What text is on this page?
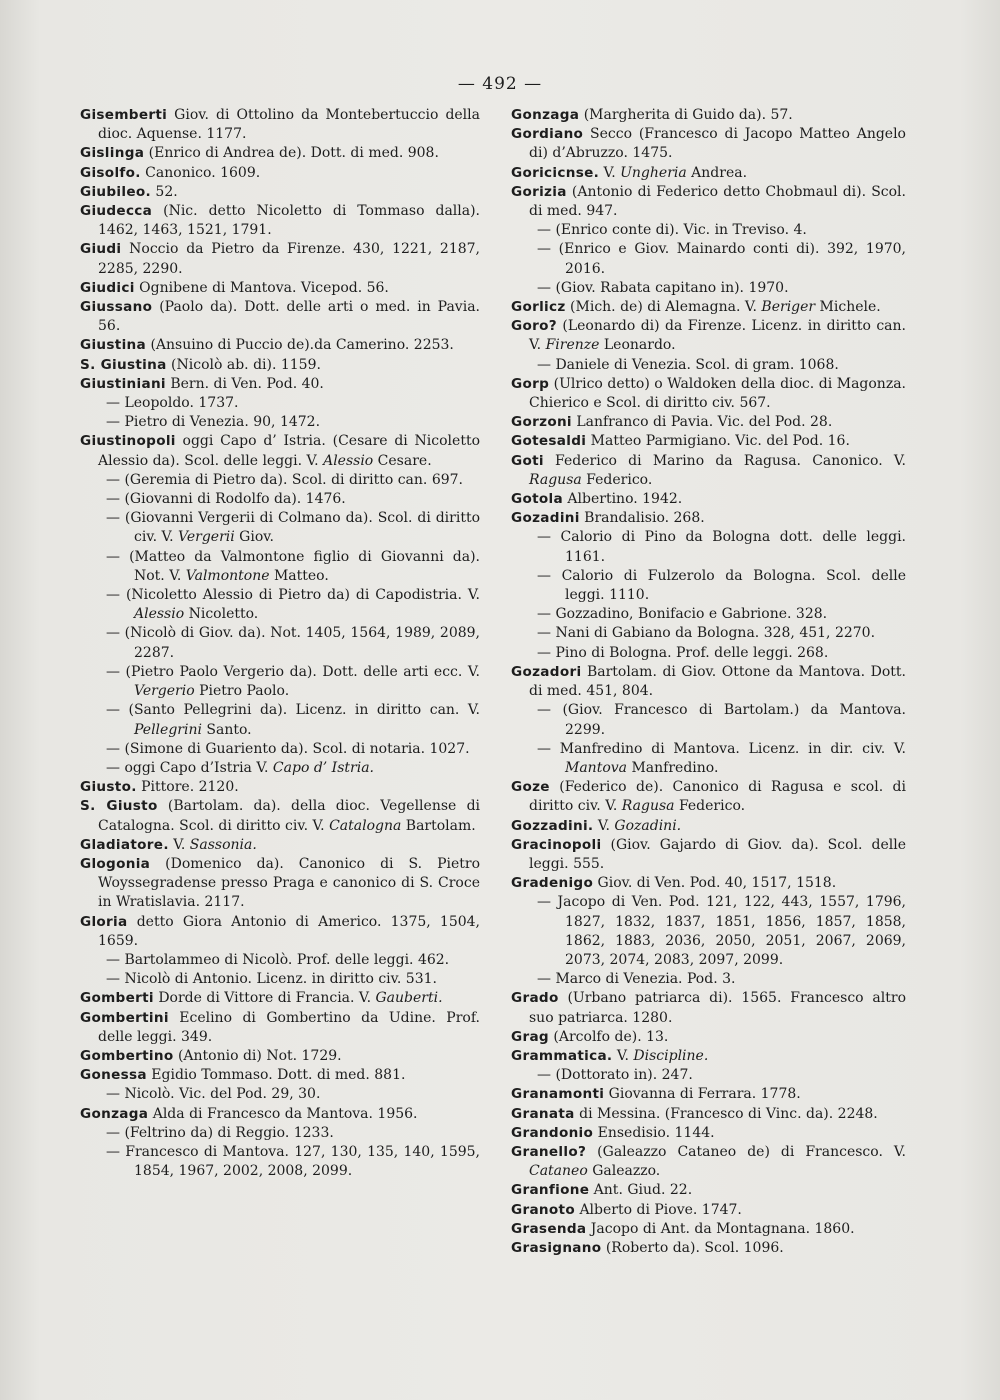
— 492 —

Gisemberti Giov. di Ottolino da Montebertuccio della dioc. Aquense. 1177.

Gislinga (Enrico di Andrea de). Dott. di med. 908.

Gisolfo. Canonico. 1609.

Giubileo. 52.

Giudecca (Nic. detto Nicoletto di Tommaso dalla). 1462, 1463, 1521, 1791.

Giudi Noccio da Pietro da Firenze. 430, 1221, 2187, 2285, 2290.

Giudici Ognibene di Mantova. Vicepod. 56.

Giussano (Paolo da). Dott. delle arti o med. in Pavia. 56.

Giustina (Ansuino di Puccio de).da Camerino. 2253.

S. Giustina (Nicolò ab. di). 1159.

Giustiniani Bern. di Ven. Pod. 40.

— Leopoldo. 1737.

— Pietro di Venezia. 90, 1472.

Giustinopoli oggi Capo d’ Istria. (Cesare di Nicoletto Alessio da). Scol. delle leggi. V. Alessio Cesare.

— (Geremia di Pietro da). Scol. di diritto can. 697.

— (Giovanni di Rodolfo da). 1476.

— (Giovanni Vergerii di Colmano da). Scol. di diritto civ. V. Vergerii Giov.

— (Matteo da Valmontone figlio di Giovanni da). Not. V. Valmontone Matteo.

— (Nicoletto Alessio di Pietro da) di Capodistria. V. Alessio Nicoletto.

— (Nicolò di Giov. da). Not. 1405, 1564, 1989, 2089, 2287.

— (Pietro Paolo Vergerio da). Dott. delle arti ecc. V. Vergerio Pietro Paolo.

— (Santo Pellegrini da). Licenz. in diritto can. V. Pellegrini Santo.

— (Simone di Guariento da). Scol. di notaria. 1027.

— oggi Capo d’Istria V. Capo d’ Istria.

Giusto. Pittore. 2120.

S. Giusto (Bartolam. da). della dioc. Vegellense di Catalogna. Scol. di diritto civ. V. Catalogna Bartolam.

Gladiatore. V. Sassonia.

Glogonia (Domenico da). Canonico di S. Pietro Woyssegradense presso Praga e canonico di S. Croce in Wratislavia. 2117.

Gloria detto Giora Antonio di Americo. 1375, 1504, 1659.

— Bartolammeo di Nicolò. Prof. delle leggi. 462.

— Nicolò di Antonio. Licenz. in diritto civ. 531.

Gomberti Dorde di Vittore di Francia. V. Gauberti.

Gombertini Ecelino di Gombertino da Udine. Prof. delle leggi. 349.

Gombertino (Antonio di) Not. 1729.

Gonessa Egidio Tommaso. Dott. di med. 881.

— Nicolò. Vic. del Pod. 29, 30.

Gonzaga Alda di Francesco da Mantova. 1956.

— (Feltrino da) di Reggio. 1233.

— Francesco di Mantova. 127, 130, 135, 140, 1595, 1854, 1967, 2002, 2008, 2099.

Gonzaga (Margherita di Guido da). 57.

Gordiano Secco (Francesco di Jacopo Matteo Angelo di) d’Abruzzo. 1475.

Goricicnse. V. Ungheria Andrea.

Gorizia (Antonio di Federico detto Chobmaul di). Scol. di med. 947.

— (Enrico conte di). Vic. in Treviso. 4.

— (Enrico e Giov. Mainardo conti di). 392, 1970, 2016.

— (Giov. Rabata capitano in). 1970.

Gorlicz (Mich. de) di Alemagna. V. Beriger Michele.

Goro? (Leonardo di) da Firenze. Licenz. in diritto can. V. Firenze Leonardo.

— Daniele di Venezia. Scol. di gram. 1068.

Gorp (Ulrico detto) o Waldoken della dioc. di Magonza. Chierico e Scol. di diritto civ. 567.

Gorzoni Lanfranco di Pavia. Vic. del Pod. 28.

Gotesaldi Matteo Parmigiano. Vic. del Pod. 16.

Goti Federico di Marino da Ragusa. Canonico. V. Ragusa Federico.

Gotola Albertino. 1942.

Gozadini Brandalisio. 268.

— Calorio di Pino da Bologna dott. delle leggi. 1161.

— Calorio di Fulzerolo da Bologna. Scol. delle leggi. 1110.

— Gozzadino, Bonifacio e Gabrione. 328.

— Nani di Gabiano da Bologna. 328, 451, 2270.

— Pino di Bologna. Prof. delle leggi. 268.

Gozadori Bartolam. di Giov. Ottone da Mantova. Dott. di med. 451, 804.

— (Giov. Francesco di Bartolam.) da Mantova. 2299.

— Manfredino di Mantova. Licenz. in dir. civ. V. Mantova Manfredino.

Goze (Federico de). Canonico di Ragusa e scol. di diritto civ. V. Ragusa Federico.

Gozzadini. V. Gozadini.

Gracinopoli (Giov. Gajardo di Giov. da). Scol. delle leggi. 555.

Gradenigo Giov. di Ven. Pod. 40, 1517, 1518.

— Jacopo di Ven. Pod. 121, 122, 443, 1557, 1796, 1827, 1832, 1837, 1851, 1856, 1857, 1858, 1862, 1883, 2036, 2050, 2051, 2067, 2069, 2073, 2074, 2083, 2097, 2099.

— Marco di Venezia. Pod. 3.

Grado (Urbano patriarca di). 1565. Francesco altro suo patriarca. 1280.

Grag (Arcolfo de). 13.

Grammatica. V. Discipline.

— (Dottorato in). 247.

Granamonti Giovanna di Ferrara. 1778.

Granata di Messina. (Francesco di Vinc. da). 2248.

Grandonio Ensedisio. 1144.

Granello? (Galeazzo Cataneo de) di Francesco. V. Cataneo Galeazzo.

Granfione Ant. Giud. 22.

Granoto Alberto di Piove. 1747.

Grasenda Jacopo di Ant. da Montagnana. 1860.

Grasignano (Roberto da). Scol. 1096.
